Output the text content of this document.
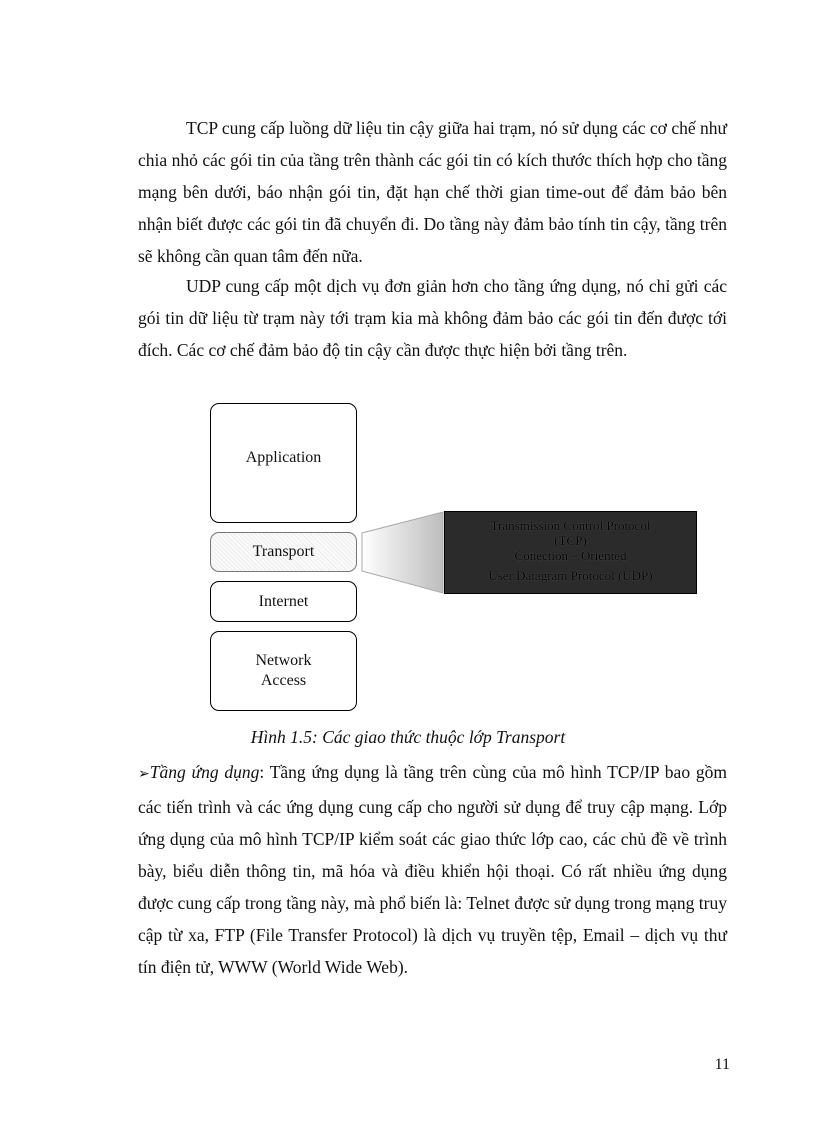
TCP cung cấp luồng dữ liệu tin cậy giữa hai trạm, nó sử dụng các cơ chế như chia nhỏ các gói tin của tầng trên thành các gói tin có kích thước thích hợp cho tầng mạng bên dưới, báo nhận gói tin, đặt hạn chế thời gian time-out để đảm bảo bên nhận biết được các gói tin đã chuyển đi. Do tầng này đảm bảo tính tin cậy, tầng trên sẽ không cần quan tâm đến nữa.

UDP cung cấp một dịch vụ đơn giản hơn cho tầng ứng dụng, nó chỉ gửi các gói tin dữ liệu từ trạm này tới trạm kia mà không đảm bảo các gói tin đến được tới đích. Các cơ chế đảm bảo độ tin cậy cần được thực hiện bởi tầng trên.

Application
Transport
Internet
Network
Access
Transmission Control Protocol
(TCP)
Conection – Oriented
User Datagram Protocol (UDP)

Hình 1.5: Các giao thức thuộc lớp Transport

➢Tầng ứng dụng: Tầng ứng dụng là tầng trên cùng của mô hình TCP/IP bao gồm các tiến trình và các ứng dụng cung cấp cho người sử dụng để truy cập mạng. Lớp ứng dụng của mô hình TCP/IP kiểm soát các giao thức lớp cao, các chủ đề về trình bày, biểu diễn thông tin, mã hóa và điều khiển hội thoại. Có rất nhiều ứng dụng được cung cấp trong tầng này, mà phổ biến là: Telnet được sử dụng trong mạng truy cập từ xa, FTP (File Transfer Protocol) là dịch vụ truyền tệp, Email – dịch vụ thư tín điện tử, WWW (World Wide Web).

11
